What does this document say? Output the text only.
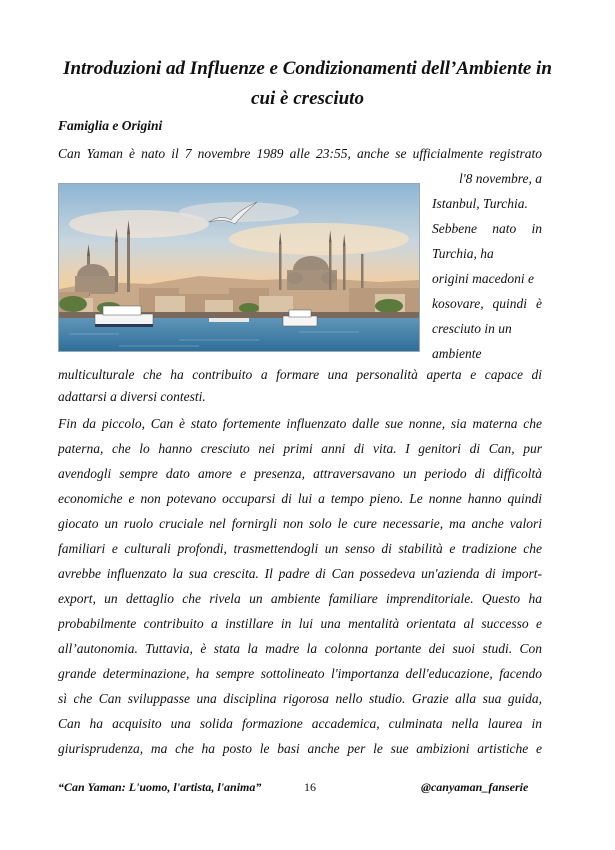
Introduzioni ad Influenze e Condizionamenti dell’Ambiente in cui è cresciuto
Famiglia e Origini
Can Yaman è nato il 7 novembre 1989 alle 23:55, anche se ufficialmente registrato
l'8 novembre, a
Istanbul, Turchia.
Sebbene nato in
Turchia, ha
origini macedoni e
kosovare, quindi è
cresciuto in un
ambiente
multiculturale che ha contribuito a formare una personalità aperta e capace di
adattarsi a diversi contesti.
Fin da piccolo, Can è stato fortemente influenzato dalle sue nonne, sia materna che
paterna, che lo hanno cresciuto nei primi anni di vita. I genitori di Can, pur
avendogli sempre dato amore e presenza, attraversavano un periodo di difficoltà
economiche e non potevano occuparsi di lui a tempo pieno. Le nonne hanno quindi
giocato un ruolo cruciale nel fornirgli non solo le cure necessarie, ma anche valori
familiari e culturali profondi, trasmettendogli un senso di stabilità e tradizione che
avrebbe influenzato la sua crescita. Il padre di Can possedeva un'azienda di import-
export, un dettaglio che rivela un ambiente familiare imprenditoriale. Questo ha
probabilmente contribuito a instillare in lui una mentalità orientata al successo e
all’autonomia. Tuttavia, è stata la madre la colonna portante dei suoi studi. Con
grande determinazione, ha sempre sottolineato l'importanza dell'educazione, facendo
sì che Can sviluppasse una disciplina rigorosa nello studio. Grazie alla sua guida,
Can ha acquisito una solida formazione accademica, culminata nella laurea in
giurisprudenza, ma che ha posto le basi anche per le sue ambizioni artistiche e
“Can Yaman: L'uomo, l'artista, l'anima”	16	@canyaman_fanserie
